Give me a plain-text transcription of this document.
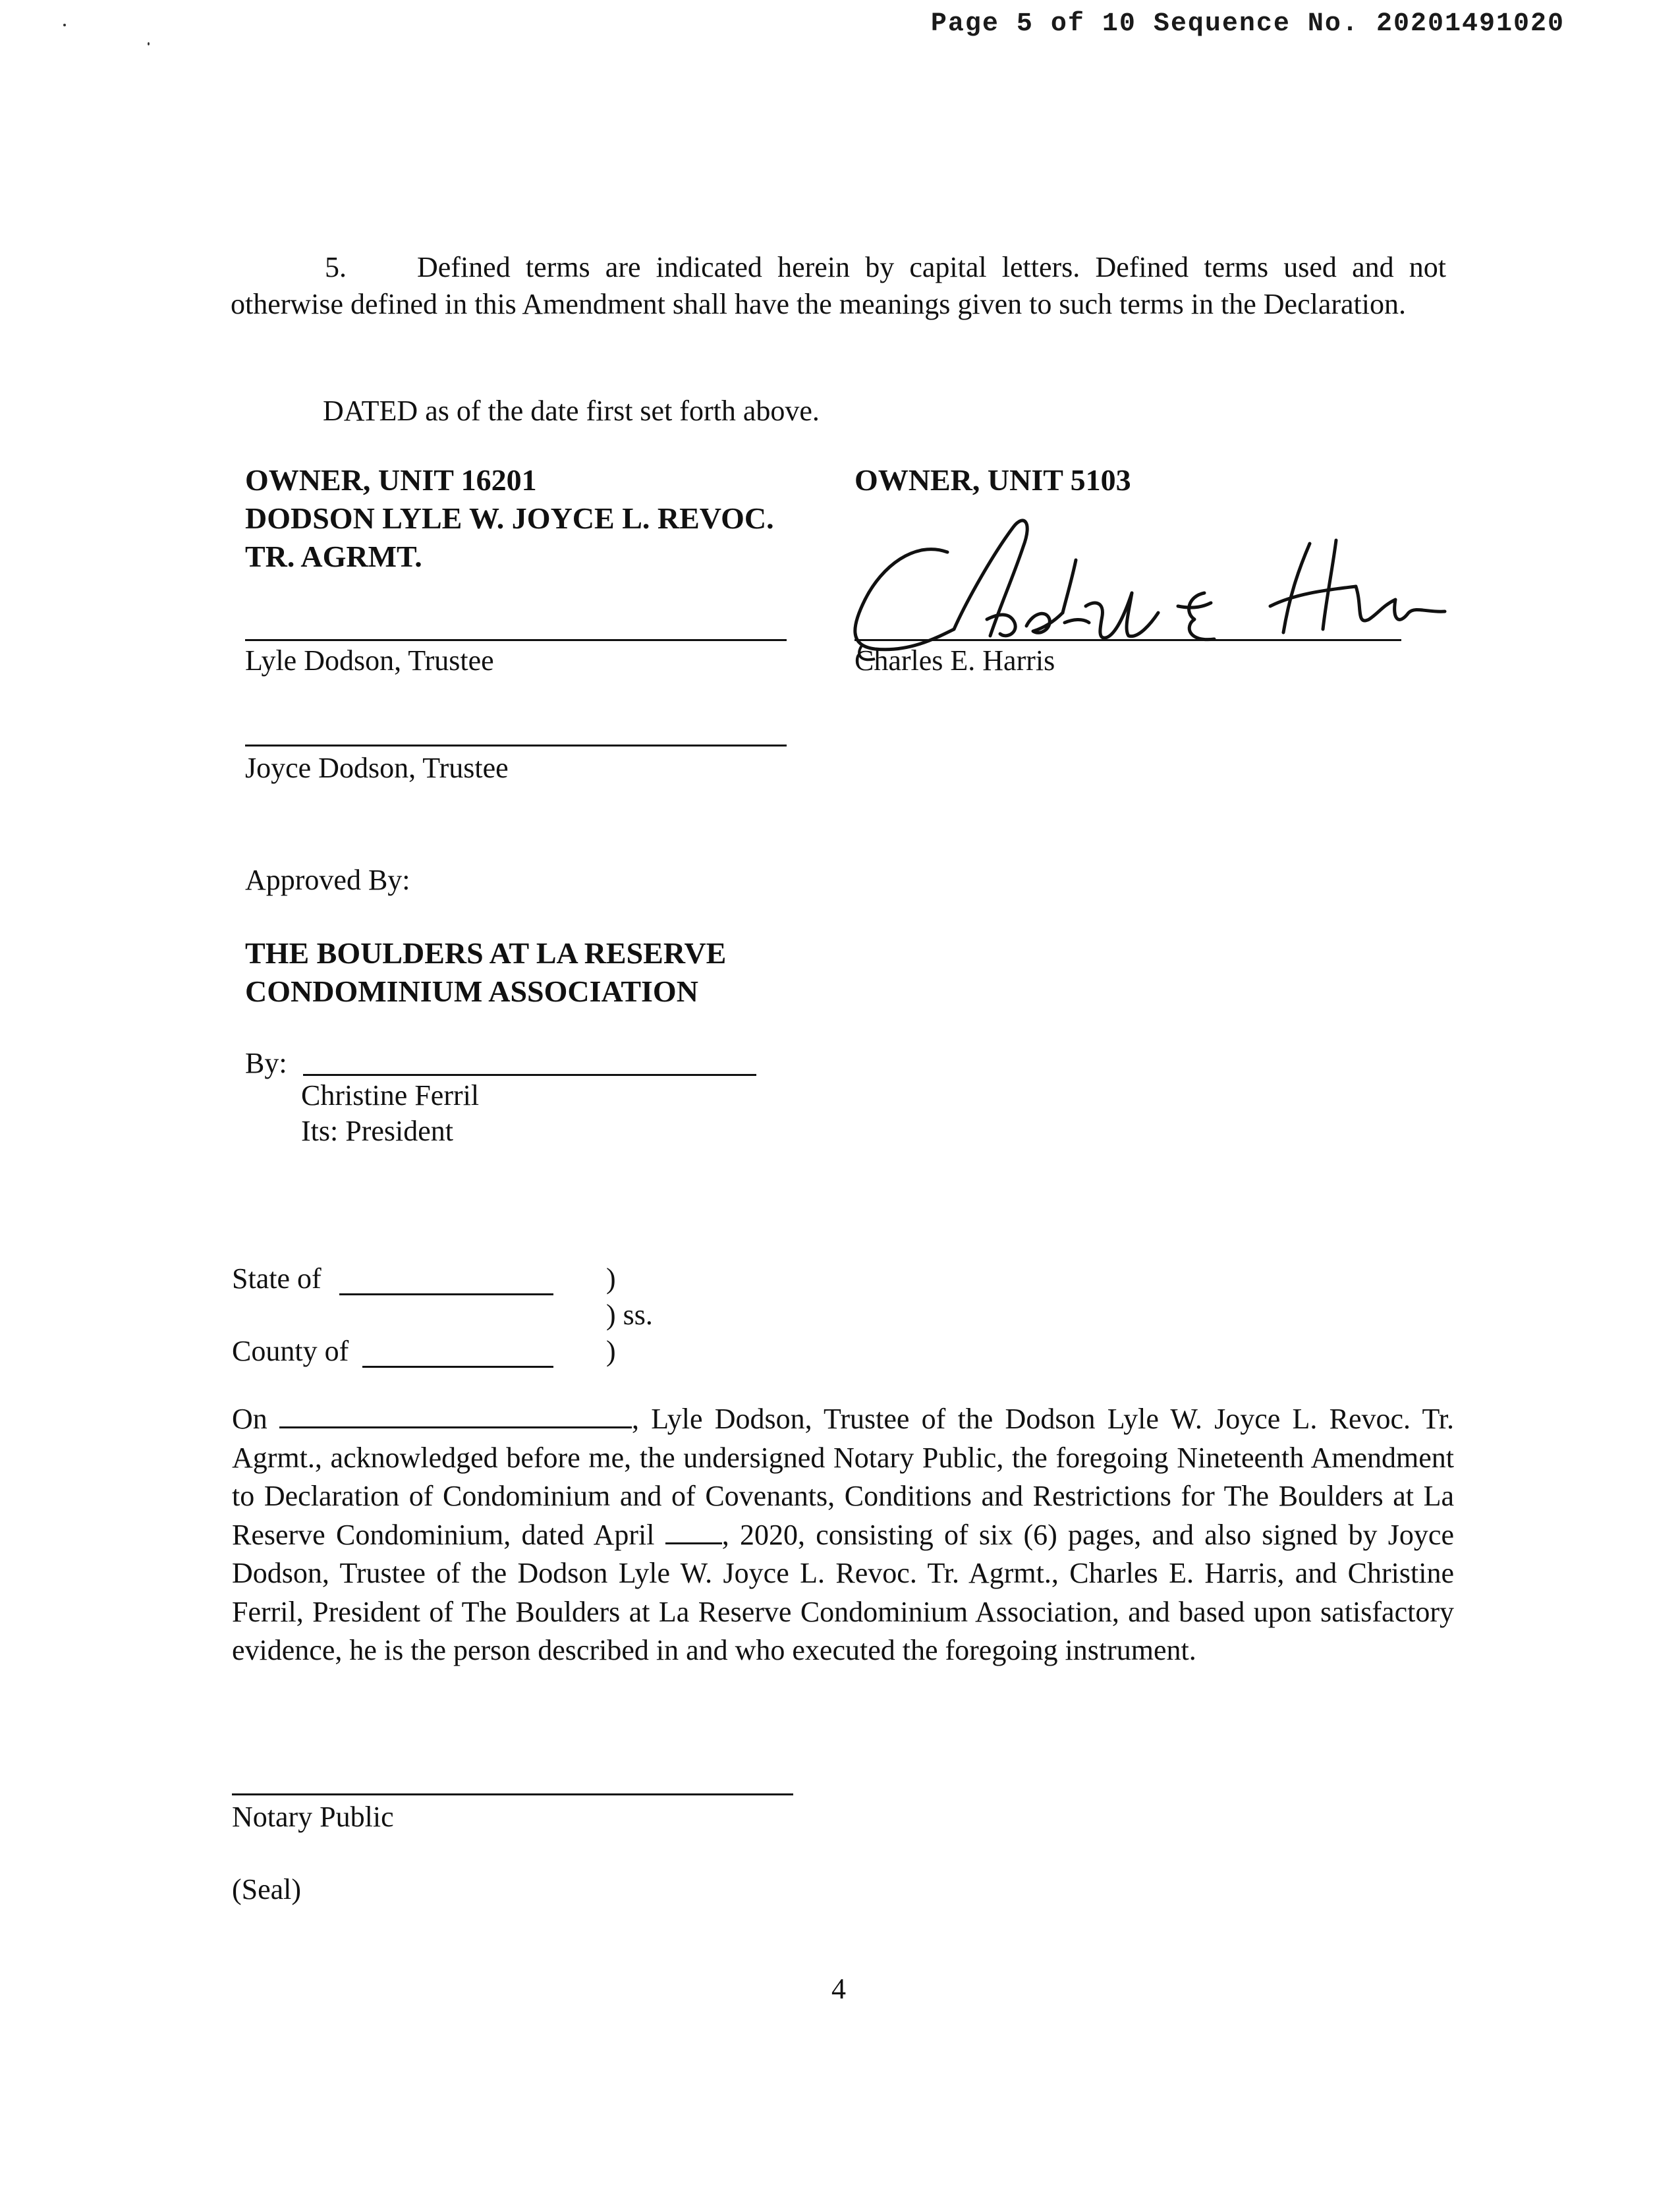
Page 5 of 10 Sequence No. 20201491020
5. Defined terms are indicated herein by capital letters. Defined terms used and not otherwise defined in this Amendment shall have the meanings given to such terms in the Declaration.
DATED as of the date first set forth above.
OWNER, UNIT 16201
DODSON LYLE W. JOYCE L. REVOC.
TR. AGRMT.
Lyle Dodson, Trustee
Joyce Dodson, Trustee
OWNER, UNIT 5103
Charles E. Harris
Approved By:
THE BOULDERS AT LA RESERVE
CONDOMINIUM ASSOCIATION
By:
Christine Ferril
Its: President
State of	)
) ss.
County of	)
On	, Lyle Dodson, Trustee of the Dodson Lyle W. Joyce L. Revoc. Tr. Agrmt., acknowledged before me, the undersigned Notary Public, the foregoing Nineteenth Amendment to Declaration of Condominium and of Covenants, Conditions and Restrictions for The Boulders at La Reserve Condominium, dated April , 2020, consisting of six (6) pages, and also signed by Joyce Dodson, Trustee of the Dodson Lyle W. Joyce L. Revoc. Tr. Agrmt., Charles E. Harris, and Christine Ferril, President of The Boulders at La Reserve Condominium Association, and based upon satisfactory evidence, he is the person described in and who executed the foregoing instrument.
Notary Public
(Seal)
4
